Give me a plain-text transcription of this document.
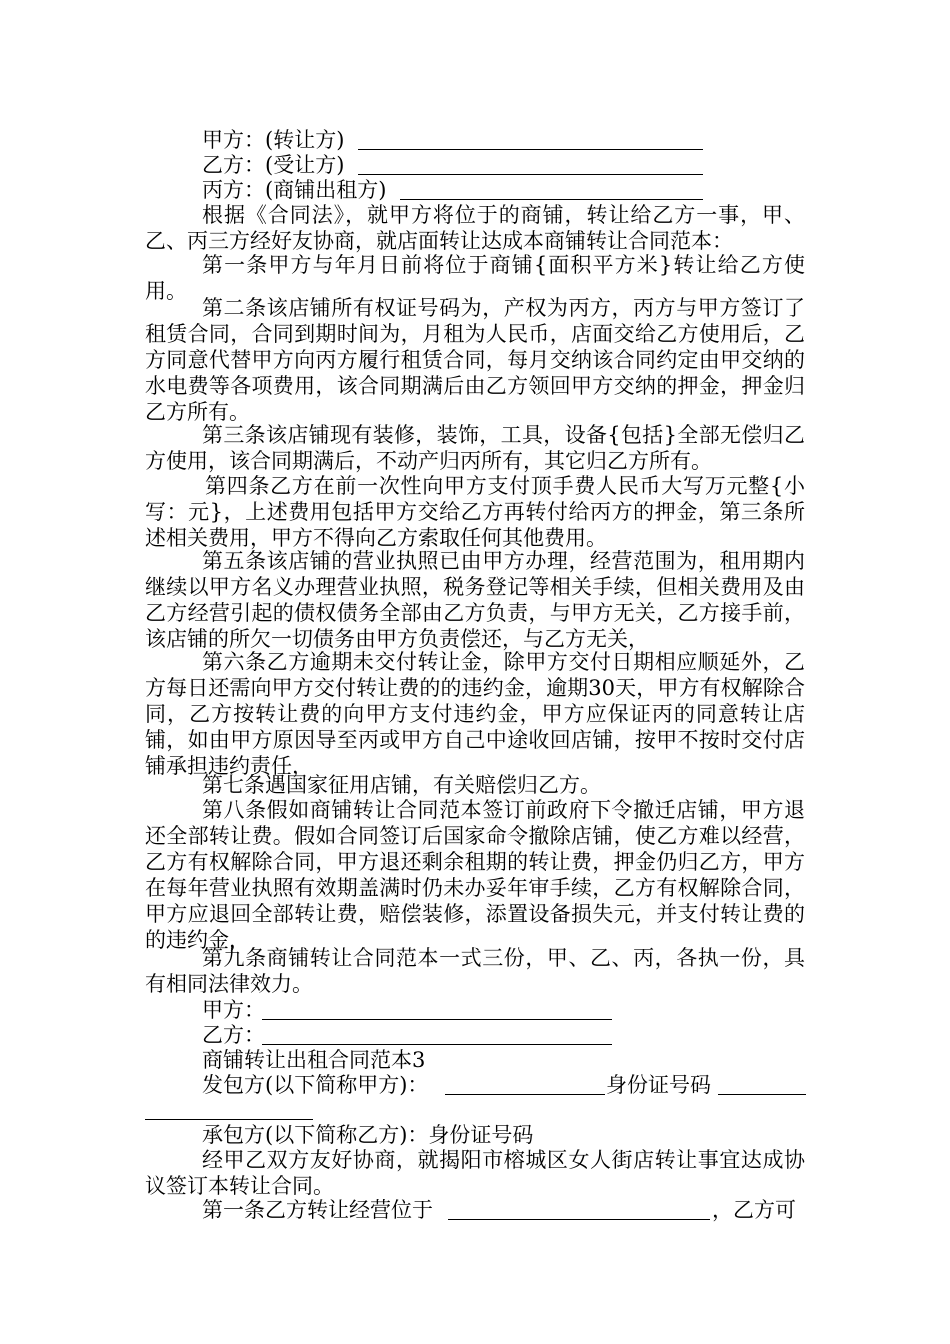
甲方：(转让方)
乙方：(受让方)
丙方：(商铺出租方)
根据《合同法》，就甲方将位于的商铺，转让给乙方一事，甲、乙、丙三方经好友协商，就店面转让达成本商铺转让合同范本：
第一条甲方与年月日前将位于商铺{面积平方米}转让给乙方使用。
第二条该店铺所有权证号码为，产权为丙方，丙方与甲方签订了租赁合同，合同到期时间为，月租为人民币，店面交给乙方使用后，乙方同意代替甲方向丙方履行租赁合同，每月交纳该合同约定由甲交纳的水电费等各项费用，该合同期满后由乙方领回甲方交纳的押金，押金归乙方所有。
第三条该店铺现有装修，装饰，工具，设备{包括}全部无偿归乙方使用，该合同期满后，不动产归丙所有，其它归乙方所有。
第四条乙方在前一次性向甲方支付顶手费人民币大写万元整{小写：元}，上述费用包括甲方交给乙方再转付给丙方的押金，第三条所述相关费用，甲方不得向乙方索取任何其他费用。
第五条该店铺的营业执照已由甲方办理，经营范围为，租用期内继续以甲方名义办理营业执照，税务登记等相关手续，但相关费用及由乙方经营引起的债权债务全部由乙方负责，与甲方无关，乙方接手前，该店铺的所欠一切债务由甲方负责偿还，与乙方无关，
第六条乙方逾期未交付转让金，除甲方交付日期相应顺延外，乙方每日还需向甲方交付转让费的的违约金，逾期30天，甲方有权解除合同，乙方按转让费的向甲方支付违约金，甲方应保证丙的同意转让店铺，如由甲方原因导至丙或甲方自己中途收回店铺，按甲不按时交付店铺承担违约责任，
第七条遇国家征用店铺，有关赔偿归乙方。
第八条假如商铺转让合同范本签订前政府下令撤迁店铺，甲方退还全部转让费。假如合同签订后国家命令撤除店铺，使乙方难以经营，乙方有权解除合同，甲方退还剩余租期的转让费，押金仍归乙方，甲方在每年营业执照有效期盖满时仍未办妥年审手续，乙方有权解除合同，甲方应退回全部转让费，赔偿装修，添置设备损失元，并支付转让费的的违约金，
第九条商铺转让合同范本一式三份，甲、乙、丙，各执一份，具有相同法律效力。
甲方：
乙方：
商铺转让出租合同范本3
发包方(以下简称甲方)：	身份证号码
承包方(以下简称乙方)：身份证号码
经甲乙双方友好协商，就揭阳市榕城区女人街店转让事宜达成协议签订本转让合同。
第一条乙方转让经营位于	，乙方可
